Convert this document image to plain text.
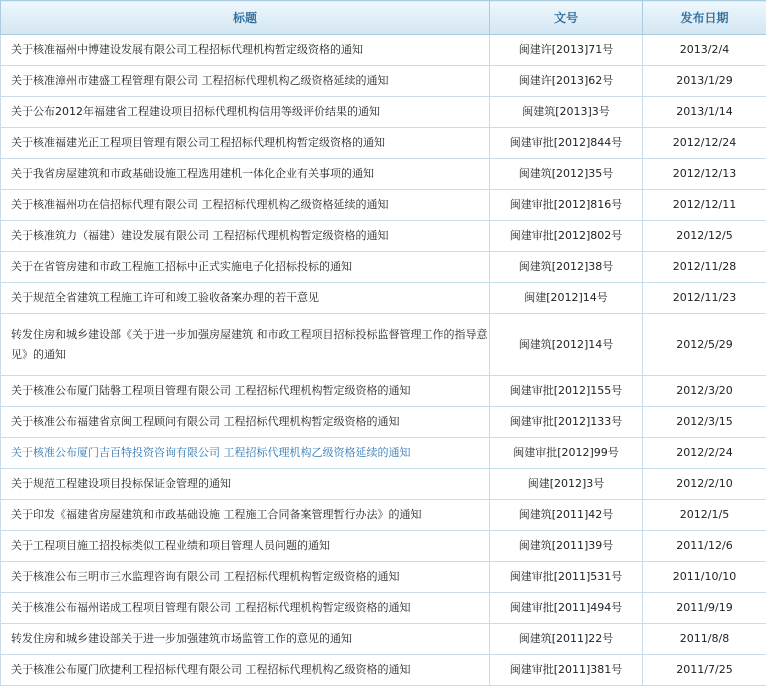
标题	文号	发布日期
关于核准福州中博建设发展有限公司工程招标代理机构暂定级资格的通知	闽建许[2013]71号	2013/2/4
关于核准漳州市建盛工程管理有限公司 工程招标代理机构乙级资格延续的通知	闽建许[2013]62号	2013/1/29
关于公布2012年福建省工程建设项目招标代理机构信用等级评价结果的通知	闽建筑[2013]3号	2013/1/14
关于核准福建光正工程项目管理有限公司工程招标代理机构暂定级资格的通知	闽建审批[2012]844号	2012/12/24
关于我省房屋建筑和市政基础设施工程选用建机一体化企业有关事项的通知	闽建筑[2012]35号	2012/12/13
关于核准福州功在信招标代理有限公司 工程招标代理机构乙级资格延续的通知	闽建审批[2012]816号	2012/12/11
关于核准筑力（福建）建设发展有限公司 工程招标代理机构暂定级资格的通知	闽建审批[2012]802号	2012/12/5
关于在省管房建和市政工程施工招标中正式实施电子化招标投标的通知	闽建筑[2012]38号	2012/11/28
关于规范全省建筑工程施工许可和竣工验收备案办理的若干意见	闽建[2012]14号	2012/11/23
转发住房和城乡建设部《关于进一步加强房屋建筑 和市政工程项目招标投标监督管理工作的指导意见》的通知	闽建筑[2012]14号	2012/5/29
关于核准公布厦门陆磐工程项目管理有限公司 工程招标代理机构暂定级资格的通知	闽建审批[2012]155号	2012/3/20
关于核准公布福建省京闽工程顾问有限公司 工程招标代理机构暂定级资格的通知	闽建审批[2012]133号	2012/3/15
关于核准公布厦门吉百特投资咨询有限公司 工程招标代理机构乙级资格延续的通知	闽建审批[2012]99号	2012/2/24
关于规范工程建设项目投标保证金管理的通知	闽建[2012]3号	2012/2/10
关于印发《福建省房屋建筑和市政基础设施 工程施工合同备案管理暂行办法》的通知	闽建筑[2011]42号	2012/1/5
关于工程项目施工招投标类似工程业绩和项目管理人员问题的通知	闽建筑[2011]39号	2011/12/6
关于核准公布三明市三水监理咨询有限公司 工程招标代理机构暂定级资格的通知	闽建审批[2011]531号	2011/10/10
关于核准公布福州诺成工程项目管理有限公司 工程招标代理机构暂定级资格的通知	闽建审批[2011]494号	2011/9/19
转发住房和城乡建设部关于进一步加强建筑市场监管工作的意见的通知	闽建筑[2011]22号	2011/8/8
关于核准公布厦门欣捷利工程招标代理有限公司 工程招标代理机构乙级资格的通知	闽建审批[2011]381号	2011/7/25
